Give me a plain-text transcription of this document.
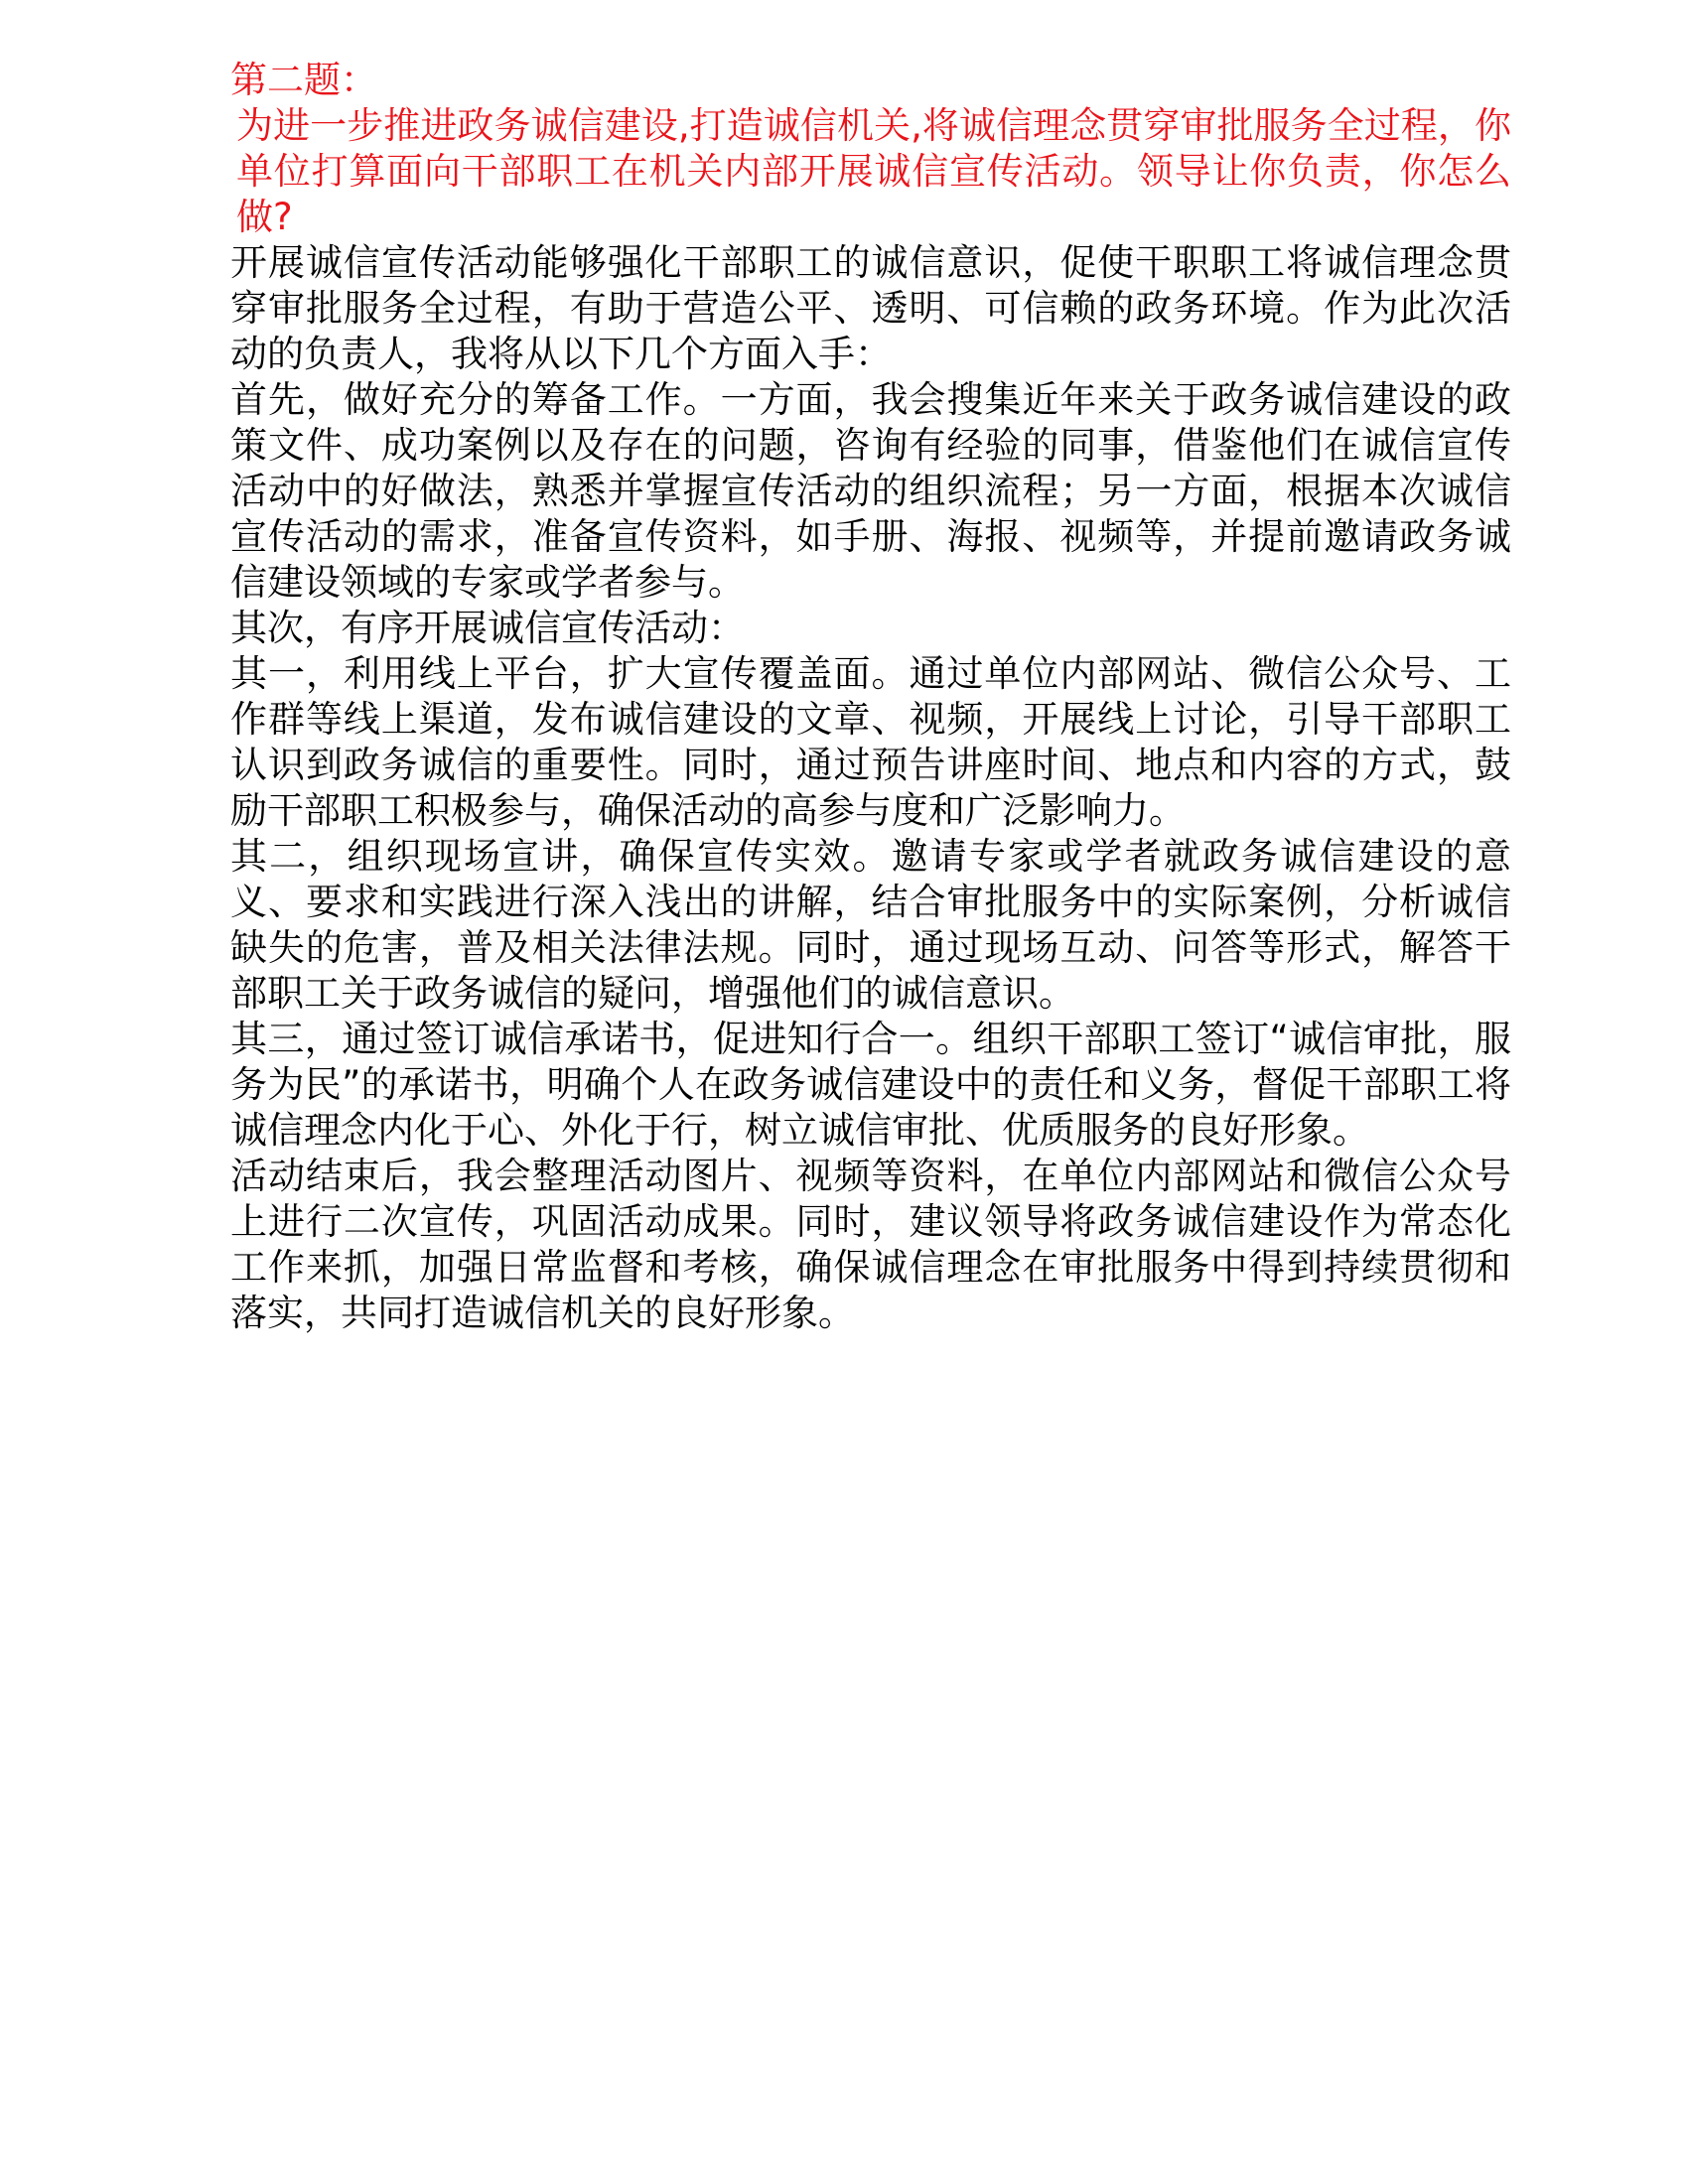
第二题：

为进一步推进政务诚信建设,打造诚信机关,将诚信理念贯穿审批服务全过程，你单位打算面向干部职工在机关内部开展诚信宣传活动。领导让你负责，你怎么做?

开展诚信宣传活动能够强化干部职工的诚信意识，促使干职职工将诚信理念贯穿审批服务全过程，有助于营造公平、透明、可信赖的政务环境。作为此次活动的负责人，我将从以下几个方面入手：

首先，做好充分的筹备工作。一方面，我会搜集近年来关于政务诚信建设的政策文件、成功案例以及存在的问题，咨询有经验的同事，借鉴他们在诚信宣传活动中的好做法，熟悉并掌握宣传活动的组织流程；另一方面，根据本次诚信宣传活动的需求，准备宣传资料，如手册、海报、视频等，并提前邀请政务诚信建设领域的专家或学者参与。

其次，有序开展诚信宣传活动：

其一，利用线上平台，扩大宣传覆盖面。通过单位内部网站、微信公众号、工作群等线上渠道，发布诚信建设的文章、视频，开展线上讨论，引导干部职工认识到政务诚信的重要性。同时，通过预告讲座时间、地点和内容的方式，鼓励干部职工积极参与，确保活动的高参与度和广泛影响力。

其二，组织现场宣讲，确保宣传实效。邀请专家或学者就政务诚信建设的意义、要求和实践进行深入浅出的讲解，结合审批服务中的实际案例，分析诚信缺失的危害，普及相关法律法规。同时，通过现场互动、问答等形式，解答干部职工关于政务诚信的疑问，增强他们的诚信意识。

其三，通过签订诚信承诺书，促进知行合一。组织干部职工签订“诚信审批，服务为民”的承诺书，明确个人在政务诚信建设中的责任和义务，督促干部职工将诚信理念内化于心、外化于行，树立诚信审批、优质服务的良好形象。

活动结束后，我会整理活动图片、视频等资料，在单位内部网站和微信公众号上进行二次宣传，巩固活动成果。同时，建议领导将政务诚信建设作为常态化工作来抓，加强日常监督和考核，确保诚信理念在审批服务中得到持续贯彻和落实，共同打造诚信机关的良好形象。
